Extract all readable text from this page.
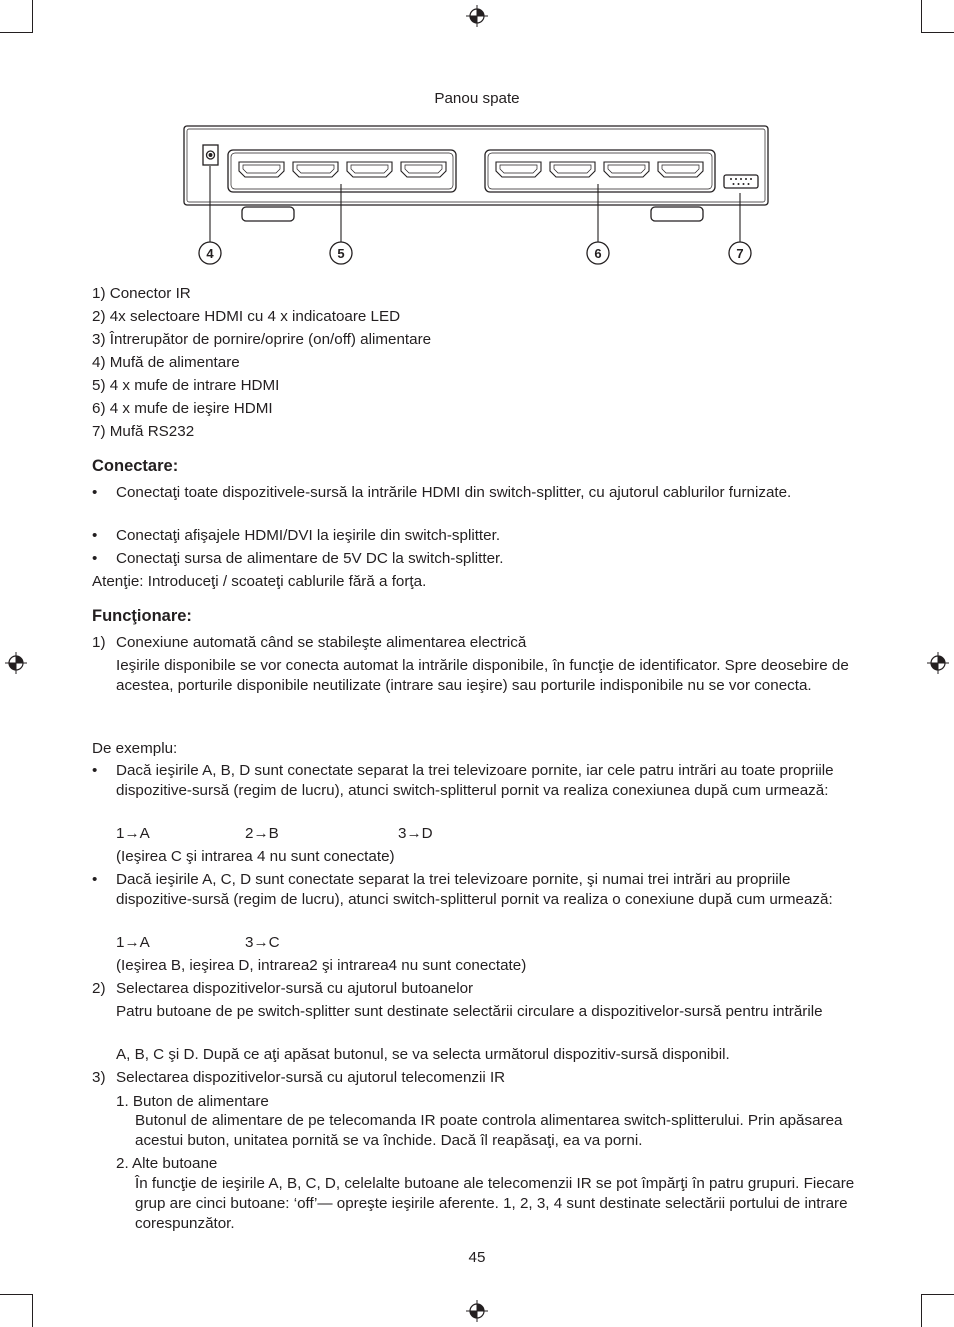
Panou spate
4	5	6	7
1) Conector IR
2) 4x selectoare HDMI cu 4 x indicatoare LED
3) Întrerupător de pornire/oprire (on/off) alimentare
4) Mufă de alimentare
5) 4 x mufe de intrare HDMI
6) 4 x mufe de ieşire HDMI
7) Mufă RS232
Conectare:
• Conectaţi toate dispozitivele-sursă la intrările HDMI din switch-splitter, cu ajutorul cablurilor furnizate.
• Conectaţi afişajele HDMI/DVI la ieşirile din switch-splitter.
• Conectaţi sursa de alimentare de 5V DC la switch-splitter.
Atenţie: Introduceţi / scoateţi cablurile fără a forţa.
Funcţionare:
1) Conexiune automată când se stabileşte alimentarea electrică
Ieşirile disponibile se vor conecta automat la intrările disponibile, în funcţie de identificator. Spre deosebire de acestea, porturile disponibile neutilizate (intrare sau ieşire) sau porturile indisponibile nu se vor conecta.
De exemplu:
• Dacă ieşirile A, B, D sunt conectate separat la trei televizoare pornite, iar cele patru intrări au toate propriile dispozitive-sursă (regim de lucru), atunci switch-splitterul pornit va realiza conexiunea după cum urmează:
1→A	2→B	3→D
(Ieşirea C şi intrarea 4 nu sunt conectate)
• Dacă ieşirile A, C, D sunt conectate separat la trei televizoare pornite, şi numai trei intrări au propriile dispozitive-sursă (regim de lucru), atunci switch-splitterul pornit va realiza o conexiune după cum urmează:
1→A	3→C
(Ieşirea B, ieşirea D, intrarea2 şi intrarea4 nu sunt conectate)
2) Selectarea dispozitivelor-sursă cu ajutorul butoanelor
Patru butoane de pe switch-splitter sunt destinate selectării circulare a dispozitivelor-sursă pentru intrările
A, B, C şi D. După ce aţi apăsat butonul, se va selecta următorul dispozitiv-sursă disponibil.
3) Selectarea dispozitivelor-sursă cu ajutorul telecomenzii IR
1. Buton de alimentare
Butonul de alimentare de pe telecomanda IR poate controla alimentarea switch-splitterului. Prin apăsarea acestui buton, unitatea pornită se va închide. Dacă îl reapăsaţi, ea va porni.
2. Alte butoane
În funcţie de ieşirile A, B, C, D, celelalte butoane ale telecomenzii IR se pot împărţi în patru grupuri. Fiecare grup are cinci butoane: ‘off’— opreşte ieşirile aferente. 1, 2, 3, 4 sunt destinate selectării portului de intrare corespunzător.
45
